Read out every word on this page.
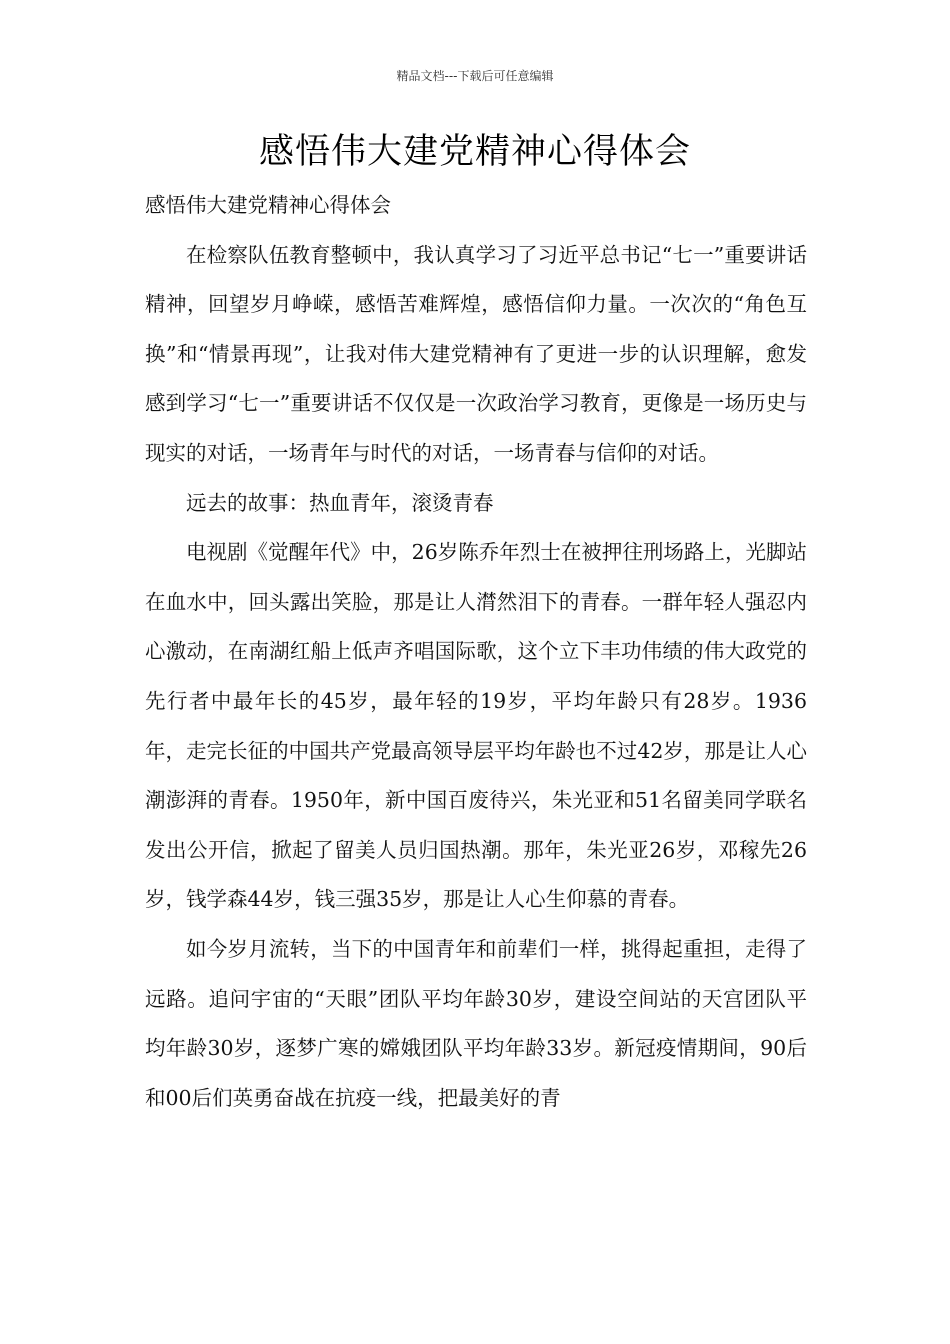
精品文档---下载后可任意编辑
感悟伟大建党精神心得体会

感悟伟大建党精神心得体会

在检察队伍教育整顿中，我认真学习了习近平总书记“七一”重要讲话精神，回望岁月峥嵘，感悟苦难辉煌，感悟信仰力量。一次次的“角色互换”和“情景再现”，让我对伟大建党精神有了更进一步的认识理解，愈发感到学习“七一”重要讲话不仅仅是一次政治学习教育，更像是一场历史与现实的对话，一场青年与时代的对话，一场青春与信仰的对话。

远去的故事：热血青年，滚烫青春

电视剧《觉醒年代》中，26岁陈乔年烈士在被押往刑场路上，光脚站在血水中，回头露出笑脸，那是让人潸然泪下的青春。一群年轻人强忍内心激动，在南湖红船上低声齐唱国际歌，这个立下丰功伟绩的伟大政党的先行者中最年长的45岁，最年轻的19岁，平均年龄只有28岁。1936年，走完长征的中国共产党最高领导层平均年龄也不过42岁，那是让人心潮澎湃的青春。1950年，新中国百废待兴，朱光亚和51名留美同学联名发出公开信，掀起了留美人员归国热潮。那年，朱光亚26岁，邓稼先26岁，钱学森44岁，钱三强35岁，那是让人心生仰慕的青春。

如今岁月流转，当下的中国青年和前辈们一样，挑得起重担，走得了远路。追问宇宙的“天眼”团队平均年龄30岁，建设空间站的天宫团队平均年龄30岁，逐梦广寒的嫦娥团队平均年龄33岁。新冠疫情期间，90后和00后们英勇奋战在抗疫一线，把最美好的青
